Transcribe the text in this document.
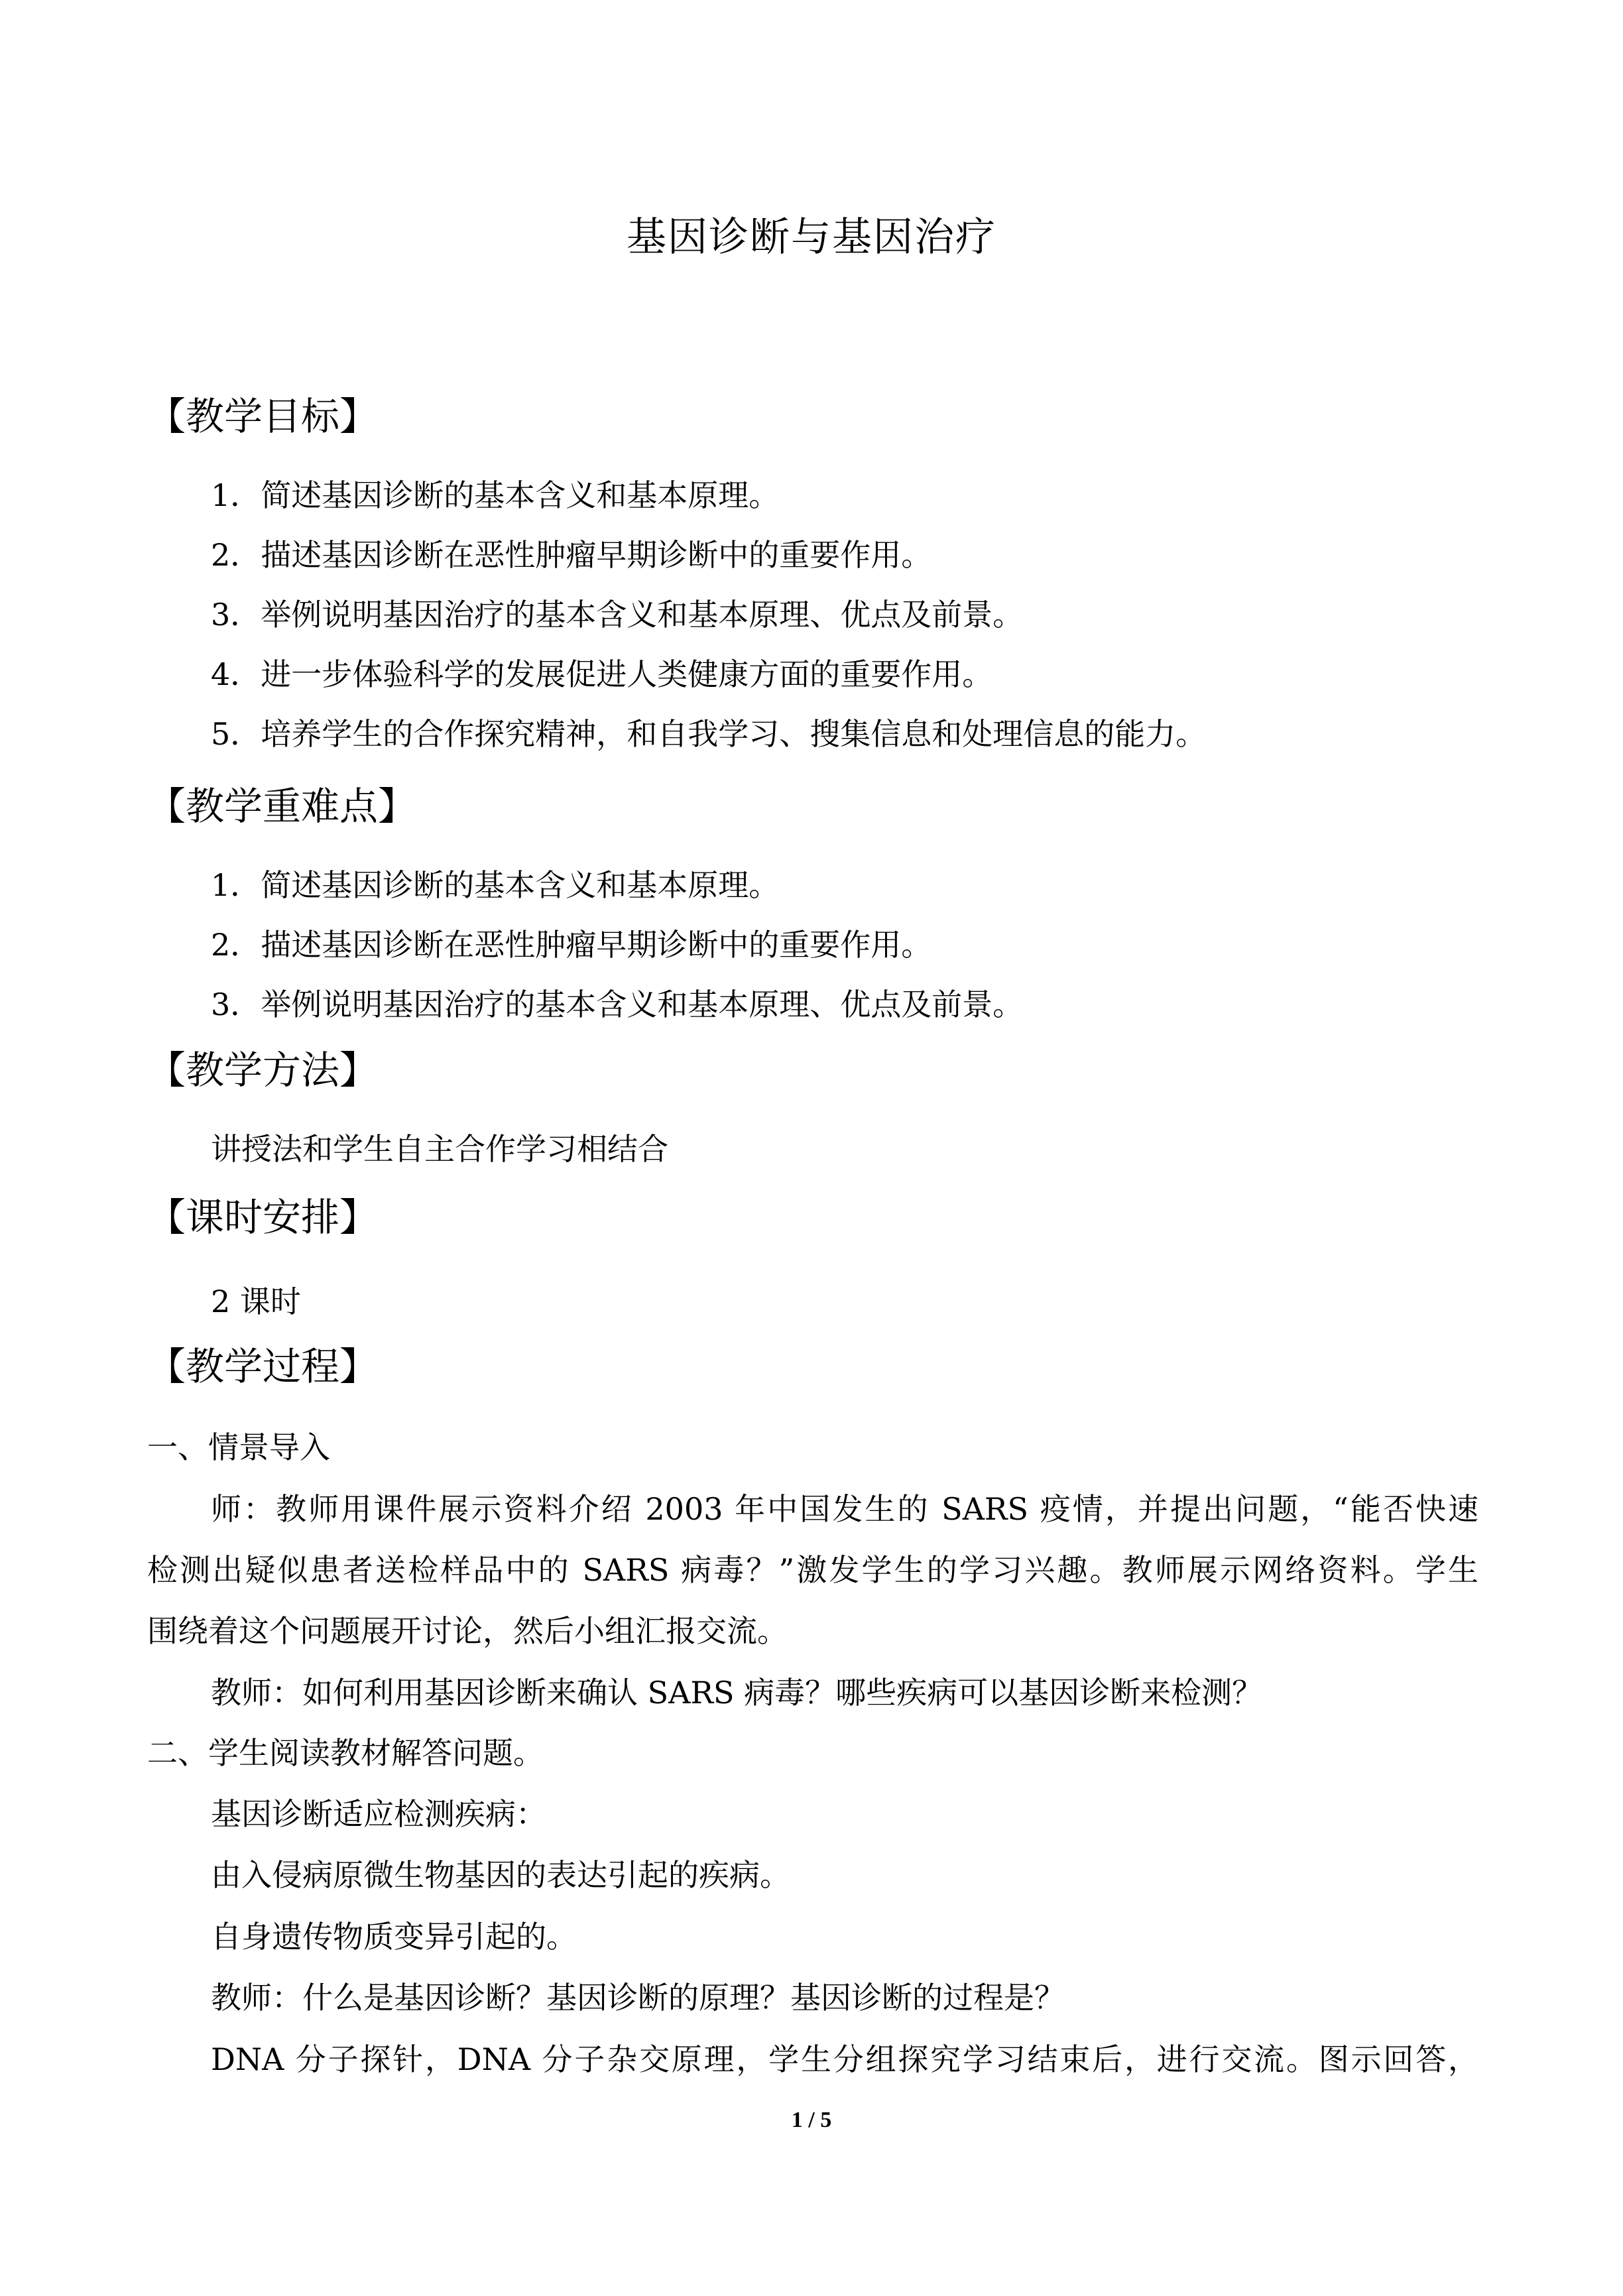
基因诊断与基因治疗
【教学目标】
1．简述基因诊断的基本含义和基本原理。
2．描述基因诊断在恶性肿瘤早期诊断中的重要作用。
3．举例说明基因治疗的基本含义和基本原理、优点及前景。
4．进一步体验科学的发展促进人类健康方面的重要作用。
5．培养学生的合作探究精神，和自我学习、搜集信息和处理信息的能力。
【教学重难点】
1．简述基因诊断的基本含义和基本原理。
2．描述基因诊断在恶性肿瘤早期诊断中的重要作用。
3．举例说明基因治疗的基本含义和基本原理、优点及前景。
【教学方法】
讲授法和学生自主合作学习相结合
【课时安排】
2 课时
【教学过程】
一、情景导入
师：教师用课件展示资料介绍 2003 年中国发生的 SARS 疫情，并提出问题，“能否快速
检测出疑似患者送检样品中的 SARS 病毒？”激发学生的学习兴趣。教师展示网络资料。学生
围绕着这个问题展开讨论，然后小组汇报交流。
教师：如何利用基因诊断来确认 SARS 病毒？哪些疾病可以基因诊断来检测？
二、学生阅读教材解答问题。
基因诊断适应检测疾病：
由入侵病原微生物基因的表达引起的疾病。
自身遗传物质变异引起的。
教师：什么是基因诊断？基因诊断的原理？基因诊断的过程是？
DNA 分子探针，DNA 分子杂交原理，学生分组探究学习结束后，进行交流。图示回答，
1 / 5
